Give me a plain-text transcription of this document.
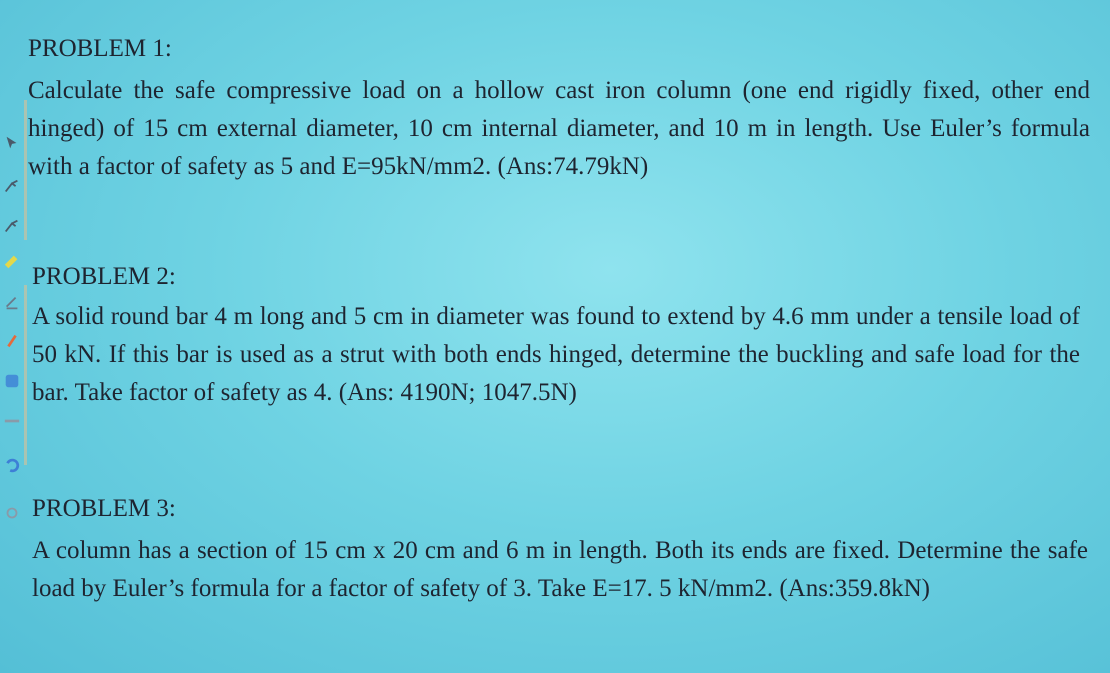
PROBLEM 1:

Calculate the safe compressive load on a hollow cast iron column (one end rigidly fixed, other end hinged) of 15 cm external diameter, 10 cm internal diameter, and 10 m in length. Use Euler’s formula with a factor of safety as 5 and E=95kN/mm2. (Ans:74.79kN)

PROBLEM 2:

A solid round bar 4 m long and 5 cm in diameter was found to extend by 4.6 mm under a tensile load of 50 kN. If this bar is used as a strut with both ends hinged, determine the buckling and safe load for the bar. Take factor of safety as 4. (Ans: 4190N; 1047.5N)

PROBLEM 3:

A column has a section of 15 cm x 20 cm and 6 m in length. Both its ends are fixed. Determine the safe load by Euler’s formula for a factor of safety of 3. Take E=17. 5 kN/mm2. (Ans:359.8kN)
